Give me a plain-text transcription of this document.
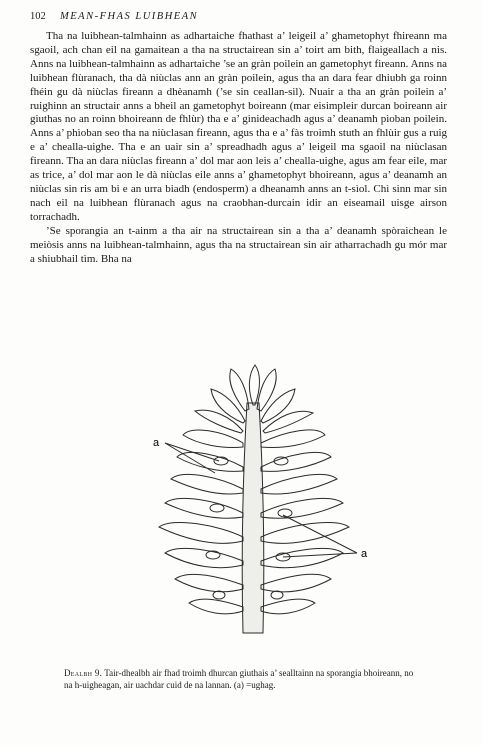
102 MEAN-FHAS LUIBHEAN

Tha na luibhean-talmhainn as adhartaiche fhathast a’ leigeil a’ ghametophyt fhireann ma sgaoil, ach chan eil na gamaitean a tha na structairean sin a’ toirt am bith, flaigeallach a nis. Anns na luibhean-talmhainn as adhartaiche ’se an gràn poilein an gametophyt fireann. Anns na luibhean flùranach, tha dà niùclas ann an gràn poilein, agus tha an dara fear dhiubh ga roinn fhéin gu dà niùclas fireann a dhèanamh (’se sin ceallan-sil). Nuair a tha an gràn poilein a’ ruighinn an structair anns a bheil an gametophyt boireann (mar eisimpleir durcan boireann air giuthas no an roinn bhoireann de fhlùr) tha e a’ ginideachadh agus a’ deanamh pìoban poilein. Anns a’ phìoban seo tha na niùclasan fireann, agus tha e a’ fàs troimh stuth an fhlùir gus a ruig e a’ chealla-uighe. Tha e an uair sin a’ spreadhadh agus a’ leigeil ma sgaoil na niùclasan fireann. Tha an dara niùclas fireann a’ dol mar aon leis a’ chealla-uighe, agus am fear eile, mar as trice, a’ dol mar aon le dà niùclas eile anns a’ ghametophyt bhoireann, agus a’ deanamh an niùclas sin ris am bi e an urra biadh (endosperm) a dheanamh anns an t-sìol. Chì sinn mar sin nach eil na luibhean flùranach agus na craobhan-durcain idir an eiseamail uisge airson torrachadh.

’Se sporangia an t-ainm a tha air na structairean sin a tha a’ deanamh spòraichean le meiòsis anns na luibhean-talmhainn, agus tha na structairean sin air atharrachadh gu mór mar a shiubhail tìm. Bha na

a
a
Dealbh 9. Tair-dhealbh air fhad troimh dhurcan giuthais a’ sealltainn na sporangia bhoireann, no na h-uigheagan, air uachdar cuid de na lannan. (a) =ughag.
